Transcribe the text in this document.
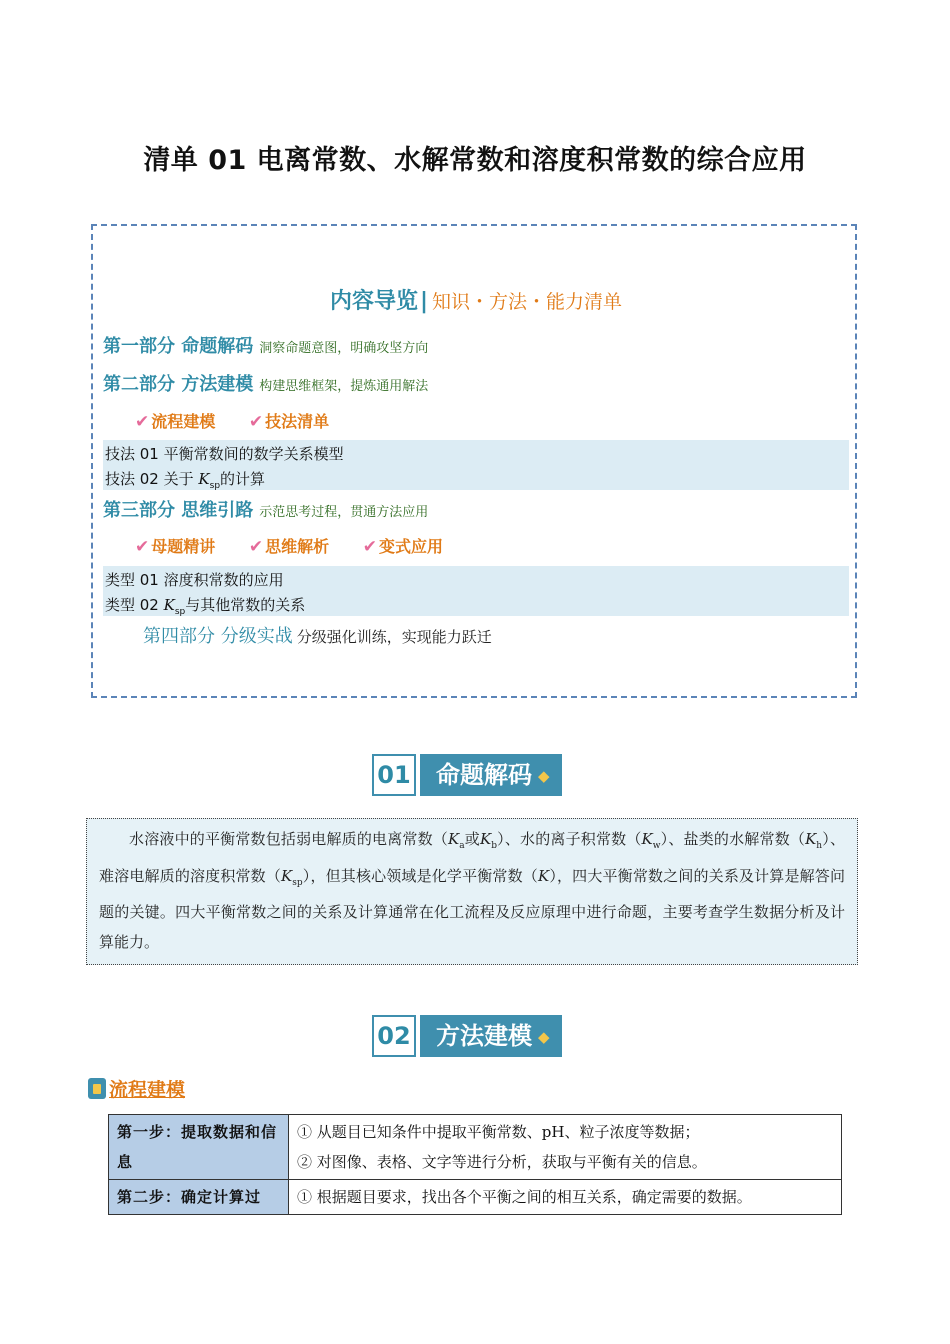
清单 01 电离常数、水解常数和溶度积常数的综合应用
内容导览| 知识・方法・能力清单
第一部分 命题解码 洞察命题意图，明确攻坚方向
第二部分 方法建模 构建思维框架，提炼通用解法
✔ 流程建模 ✔ 技法清单
技法 01 平衡常数间的数学关系模型
技法 02 关于 $K_{sp}$的计算
第三部分 思维引路 示范思考过程，贯通方法应用
✔ 母题精讲 ✔ 思维解析 ✔ 变式应用
类型 01 溶度积常数的应用
类型 02 $K_{sp}$与其他常数的关系
第四部分 分级实战 分级强化训练，实现能力跃迁
01	命题解码 ◆

水溶液中的平衡常数包括弱电解质的电离常数（$K_a$或$K_b$）、水的离子积常数$(K_w)$、盐类的水解常数$(K_h)$、难溶电解质的溶度积常数$(K_{sp})$，但其核心领域是化学平衡常数（K），四大平衡常数之间的关系及计算是解答问题的关键。四大平衡常数之间的关系及计算通常在化工流程及反应原理中进行命题，主要考查学生数据分析及计算能力。

02	方法建模 ◆
流程建模
第一步：提取数据和信息	① 从题目已知条件中提取平衡常数、pH、粒子浓度等数据；
② 对图像、表格、文字等进行分析，获取与平衡有关的信息。

第二步：确定计算过	① 根据题目要求，找出各个平衡之间的相互关系，确定需要的数据。
